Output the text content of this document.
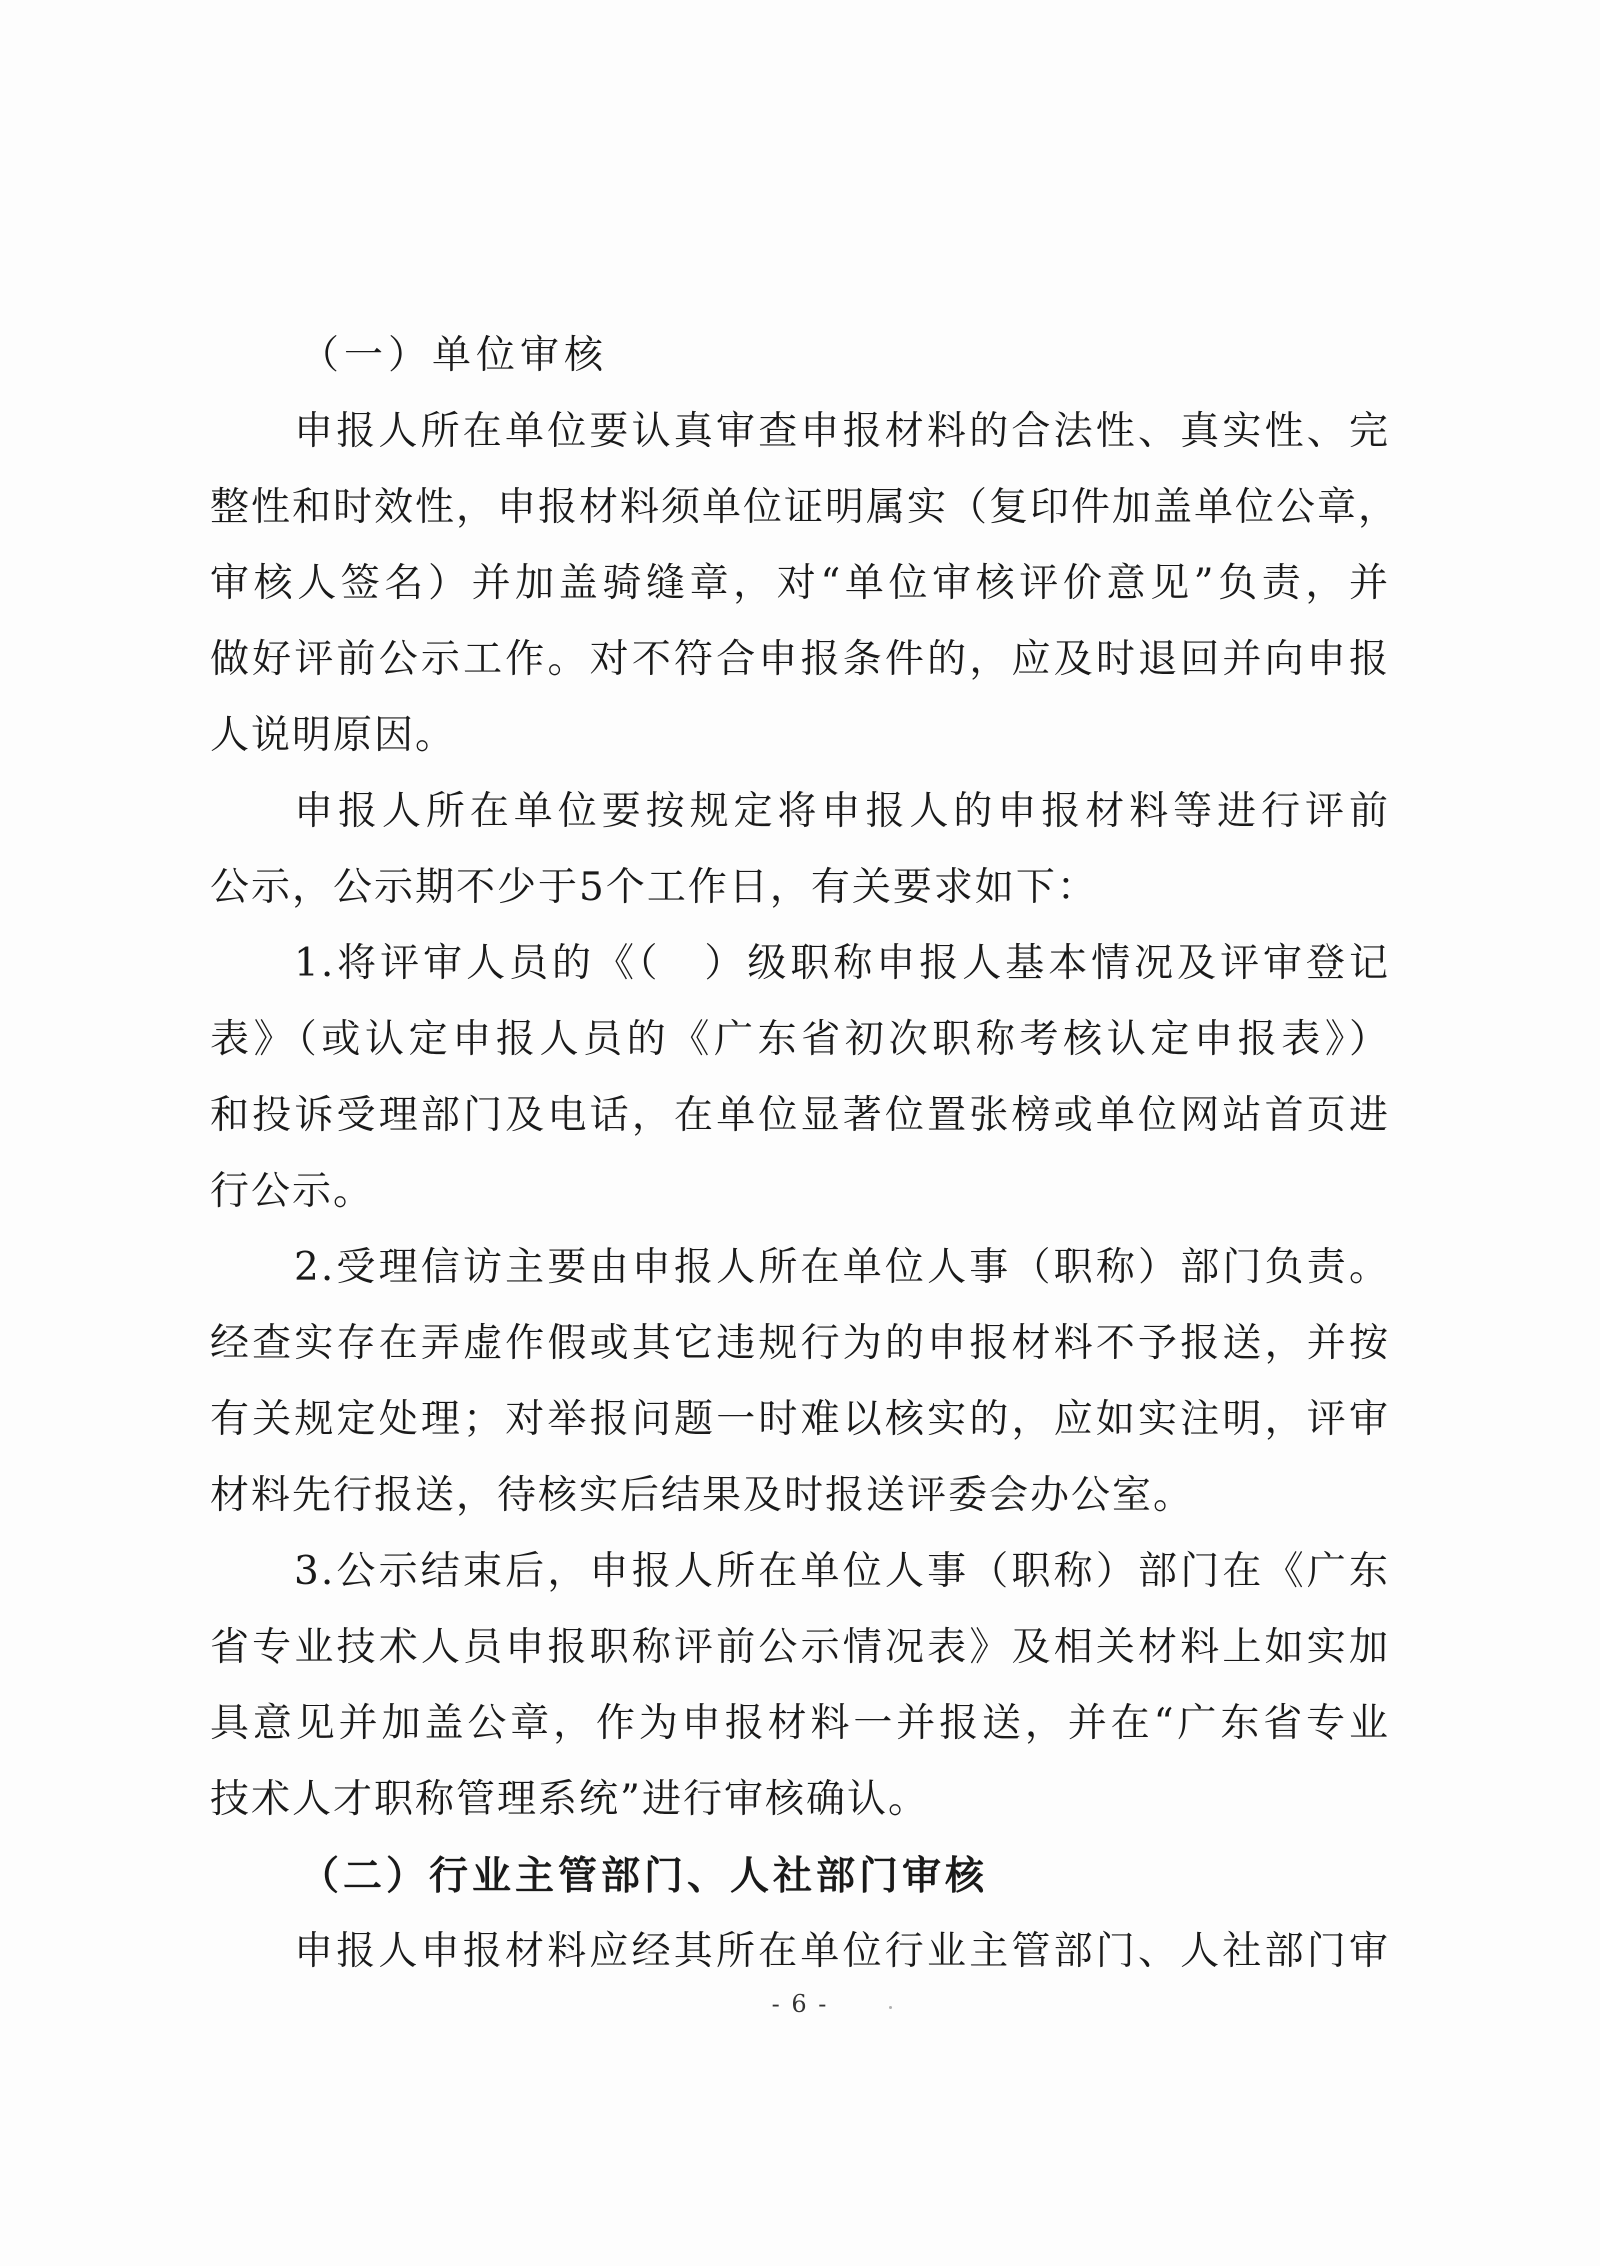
（一）单位审核
申报人所在单位要认真审查申报材料的合法性、真实性、完
整性和时效性，申报材料须单位证明属实（复印件加盖单位公章，
审核人签名）并加盖骑缝章，对“单位审核评价意见”负责，并
做好评前公示工作。对不符合申报条件的，应及时退回并向申报
人说明原因。
申报人所在单位要按规定将申报人的申报材料等进行评前
公示，公示期不少于5个工作日，有关要求如下：
1.将评审人员的《（　）级职称申报人基本情况及评审登记
表》（或认定申报人员的《广东省初次职称考核认定申报表》）
和投诉受理部门及电话，在单位显著位置张榜或单位网站首页进
行公示。
2.受理信访主要由申报人所在单位人事（职称）部门负责。
经查实存在弄虚作假或其它违规行为的申报材料不予报送，并按
有关规定处理；对举报问题一时难以核实的，应如实注明，评审
材料先行报送，待核实后结果及时报送评委会办公室。
3.公示结束后，申报人所在单位人事（职称）部门在《广东
省专业技术人员申报职称评前公示情况表》及相关材料上如实加
具意见并加盖公章，作为申报材料一并报送，并在“广东省专业
技术人才职称管理系统”进行审核确认。
（二）行业主管部门、人社部门审核
申报人申报材料应经其所在单位行业主管部门、人社部门审
- 6 -
